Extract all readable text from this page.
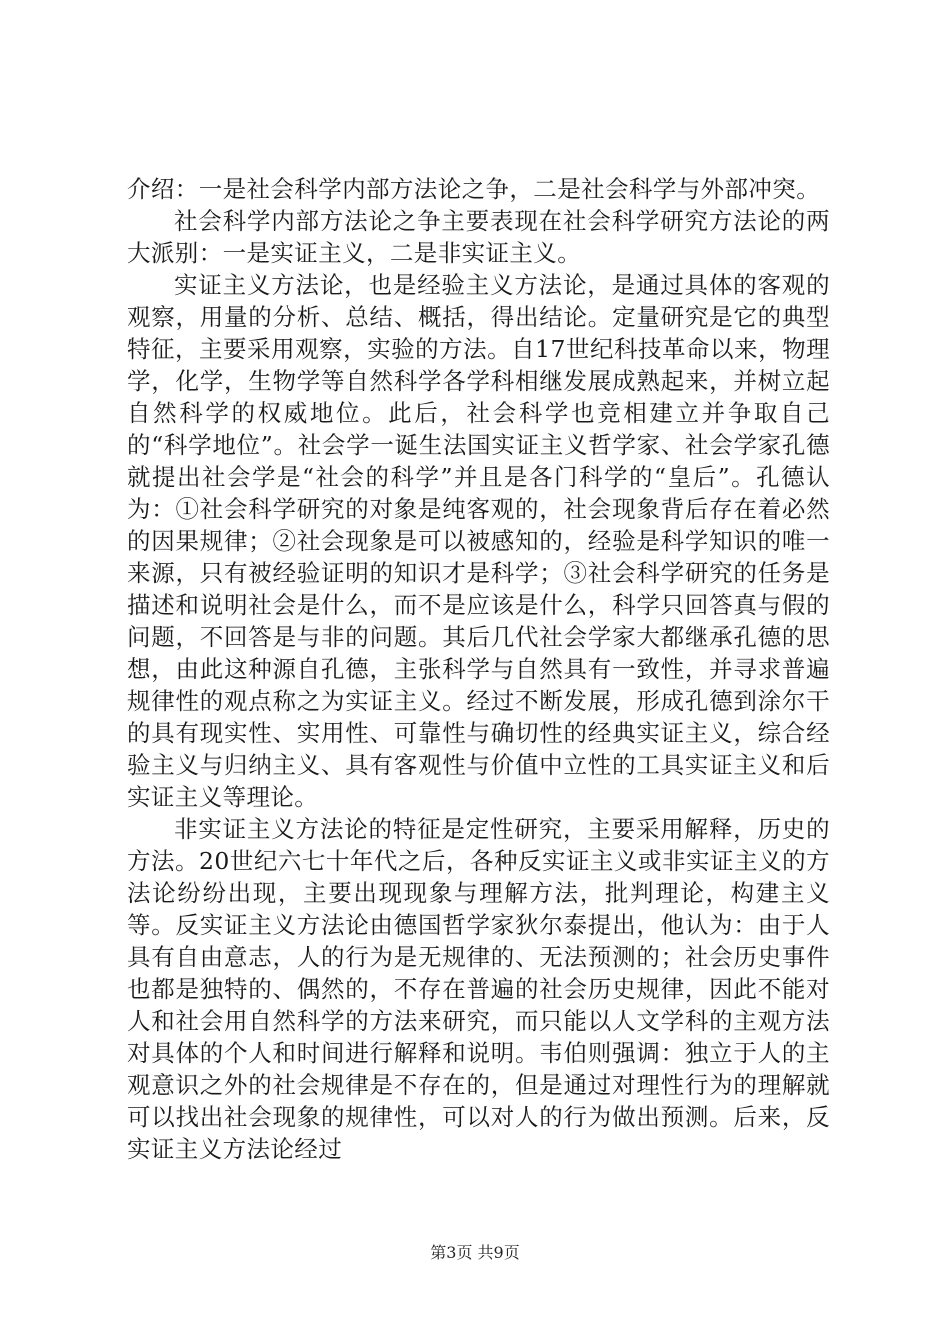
介绍：一是社会科学内部方法论之争，二是社会科学与外部冲突。

社会科学内部方法论之争主要表现在社会科学研究方法论的两大派别：一是实证主义，二是非实证主义。

实证主义方法论，也是经验主义方法论，是通过具体的客观的观察，用量的分析、总结、概括，得出结论。定量研究是它的典型特征，主要采用观察，实验的方法。自17世纪科技革命以来，物理学，化学，生物学等自然科学各学科相继发展成熟起来，并树立起自然科学的权威地位。此后，社会科学也竞相建立并争取自己的“科学地位”。社会学一诞生法国实证主义哲学家、社会学家孔德就提出社会学是“社会的科学”并且是各门科学的“皇后”。孔德认为：①社会科学研究的对象是纯客观的，社会现象背后存在着必然的因果规律；②社会现象是可以被感知的，经验是科学知识的唯一来源，只有被经验证明的知识才是科学；③社会科学研究的任务是描述和说明社会是什么，而不是应该是什么，科学只回答真与假的问题，不回答是与非的问题。其后几代社会学家大都继承孔德的思想，由此这种源自孔德，主张科学与自然具有一致性，并寻求普遍规律性的观点称之为实证主义。经过不断发展，形成孔德到涂尔干的具有现实性、实用性、可靠性与确切性的经典实证主义，综合经验主义与归纳主义、具有客观性与价值中立性的工具实证主义和后实证主义等理论。

非实证主义方法论的特征是定性研究，主要采用解释，历史的方法。20世纪六七十年代之后，各种反实证主义或非实证主义的方法论纷纷出现，主要出现现象与理解方法，批判理论，构建主义等。反实证主义方法论由德国哲学家狄尔泰提出，他认为：由于人具有自由意志，人的行为是无规律的、无法预测的；社会历史事件也都是独特的、偶然的，不存在普遍的社会历史规律，因此不能对人和社会用自然科学的方法来研究，而只能以人文学科的主观方法对具体的个人和时间进行解释和说明。韦伯则强调：独立于人的主观意识之外的社会规律是不存在的，但是通过对理性行为的理解就可以找出社会现象的规律性，可以对人的行为做出预测。后来，反实证主义方法论经过

第3页 共9页
